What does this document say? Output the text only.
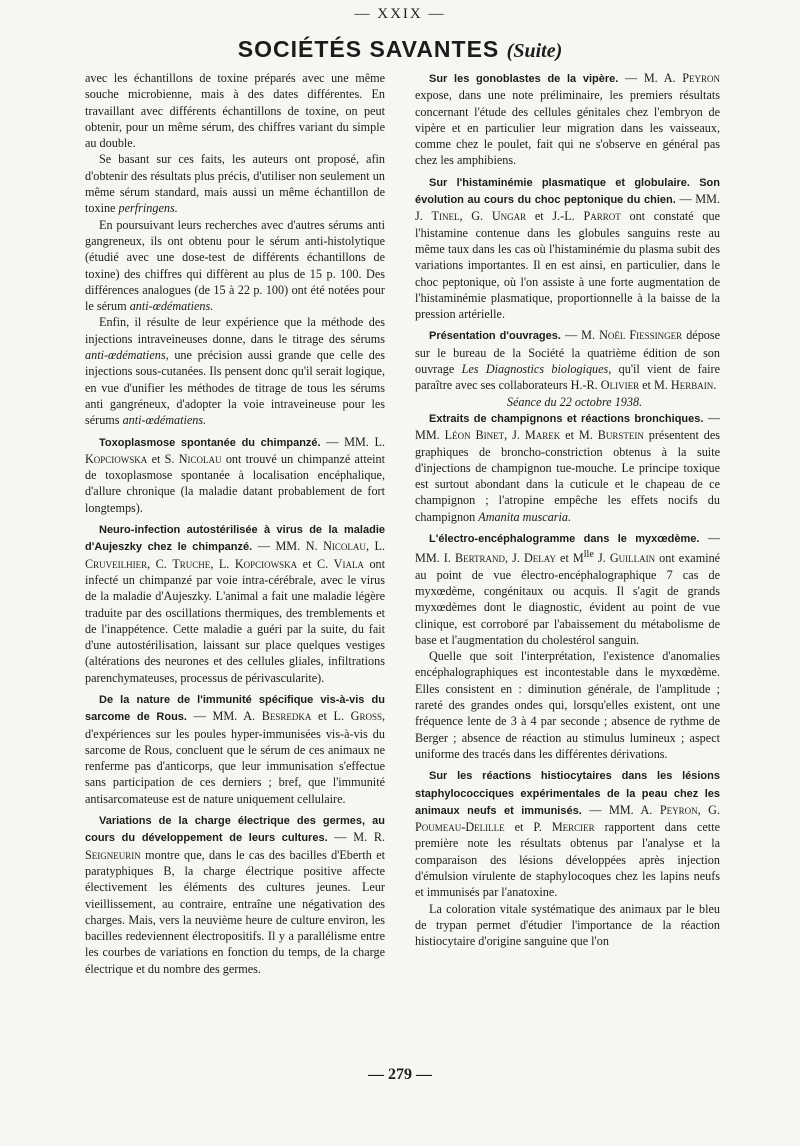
— XXIX —
SOCIÉTÉS SAVANTES (Suite)

avec les échantillons de toxine préparés avec une même souche microbienne, mais à des dates différentes. En travaillant avec différents échantillons de toxine, on peut obtenir, pour un même sérum, des chiffres variant du simple au double.

Se basant sur ces faits, les auteurs ont proposé, afin d'obtenir des résultats plus précis, d'utiliser non seulement un même sérum standard, mais aussi un même échantillon de toxine perfringens.

En poursuivant leurs recherches avec d'autres sérums anti gangreneux, ils ont obtenu pour le sérum anti-histolytique (étudié avec une dose-test de différents échantillons de toxine) des chiffres qui diffèrent au plus de 15 p. 100. Des différences analogues (de 15 à 22 p. 100) ont été notées pour le sérum anti-œdématiens.

Enfin, il résulte de leur expérience que la méthode des injections intraveineuses donne, dans le titrage des sérums anti-œdématiens, une précision aussi grande que celle des injections sous-cutanées. Ils pensent donc qu'il serait logique, en vue d'unifier les méthodes de titrage de tous les sérums anti gangréneux, d'adopter la voie intraveineuse pour les sérums anti-œdématiens.

Toxoplasmose spontanée du chimpanzé. — MM. L. Kopciowska et S. Nicolau ont trouvé un chimpanzé atteint de toxoplasmose spontanée à localisation encéphalique, d'allure chronique (la maladie datant probablement de fort longtemps).

Neuro-infection autostérilisée à virus de la maladie d'Aujeszky chez le chimpanzé. — MM. N. Nicolau, L. Cruveilhier, C. Truche, L. Kopciowska et C. Viala ont infecté un chimpanzé par voie intra-cérébrale, avec le virus de la maladie d'Aujeszky. L'animal a fait une maladie légère traduite par des oscillations thermiques, des tremblements et de l'inappétence. Cette maladie a guéri par la suite, du fait d'une autostérilisation, laissant sur place quelques vestiges (altérations des neurones et des cellules gliales, infiltrations parenchymateuses, processus de périvascularite).

De la nature de l'immunité spécifique vis-à-vis du sarcome de Rous. — MM. A. Besredka et L. Gross, d'expériences sur les poules hyper-immunisées vis-à-vis du sarcome de Rous, concluent que le sérum de ces animaux ne renferme pas d'anticorps, que leur immunisation s'effectue sans participation de ces derniers ; bref, que l'immunité antisarcomateuse est de nature uniquement cellulaire.

Variations de la charge électrique des germes, au cours du développement de leurs cultures. — M. R. Seigneurin montre que, dans le cas des bacilles d'Eberth et paratyphiques B, la charge électrique positive affecte électivement les éléments des cultures jeunes. Leur vieillissement, au contraire, entraîne une négativation des charges. Mais, vers la neuvième heure de culture environ, les bacilles redeviennent électropositifs. Il y a parallélisme entre les courbes de variations en fonction du temps, de la charge électrique et du nombre des germes.

Sur les gonoblastes de la vipère. — M. A. Peyron expose, dans une note préliminaire, les premiers résultats concernant l'étude des cellules génitales chez l'embryon de vipère et en particulier leur migration dans les vaisseaux, comme chez le poulet, fait qui ne s'observe en général pas chez les amphibiens.

Sur l'histaminémie plasmatique et globulaire. Son évolution au cours du choc peptonique du chien. — MM. J. Tinel, G. Ungar et J.-L. Parrot ont constaté que l'histamine contenue dans les globules sanguins reste au même taux dans les cas où l'histaminémie du plasma subit des variations importantes. Il en est ainsi, en particulier, dans le choc peptonique, où l'on assiste à une forte augmentation de l'histaminémie plasmatique, proportionnelle à la baisse de la pression artérielle.

Présentation d'ouvrages. — M. Noël Fiessinger dépose sur le bureau de la Société la quatrième édition de son ouvrage Les Diagnostics biologiques, qu'il vient de faire paraître avec ses collaborateurs H.-R. Olivier et M. Herbain.

Séance du 22 octobre 1938.

Extraits de champignons et réactions bronchiques. — MM. Léon Binet, J. Marek et M. Burstein présentent des graphiques de broncho-constriction obtenus à la suite d'injections de champignon tue-mouche. Le principe toxique est surtout abondant dans la cuticule et le chapeau de ce champignon ; l'atropine empêche les effets nocifs du champignon Amanita muscaria.

L'électro-encéphalogramme dans le myxœdème. — MM. I. Bertrand, J. Delay et $M^{lle}$ J. Guillain ont examiné au point de vue électro-encéphalographique 7 cas de myxœdème, congénitaux ou acquis. Il s'agit de grands myxœdèmes dont le diagnostic, évident au point de vue clinique, est corroboré par l'abaissement du métabolisme de base et l'augmentation du cholestérol sanguin.

Quelle que soit l'interprétation, l'existence d'anomalies encéphalographiques est incontestable dans le myxœdème. Elles consistent en : diminution générale, de l'amplitude ; rareté des grandes ondes qui, lorsqu'elles existent, ont une fréquence lente de 3 à 4 par seconde ; absence de rythme de Berger ; absence de réaction au stimulus lumineux ; aspect uniforme des tracés dans les différentes dérivations.

Sur les réactions histiocytaires dans les lésions staphylococciques expérimentales de la peau chez les animaux neufs et immunisés. — MM. A. Peyron, G. Poumeau-Delille et P. Mercier rapportent dans cette première note les résultats obtenus par l'analyse et la comparaison des lésions développées après injection d'émulsion virulente de staphylocoques chez les lapins neufs et immunisés par l'anatoxine.

La coloration vitale systématique des animaux par le bleu de trypan permet d'étudier l'importance de la réaction histiocytaire d'origine sanguine que l'on

— 279 —
